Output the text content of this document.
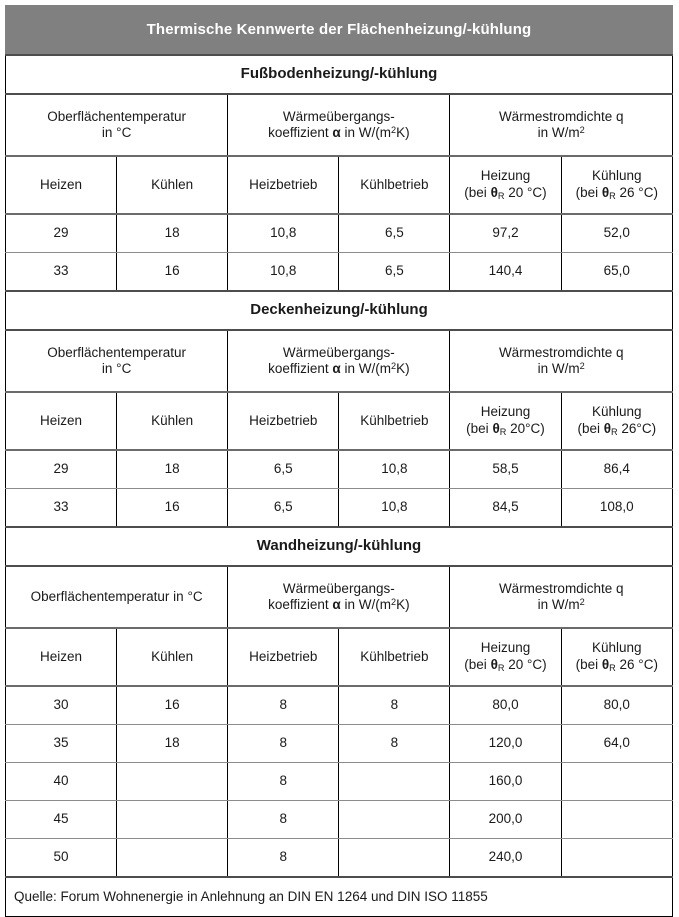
Thermische Kennwerte der Flächenheizung/-kühlung					
Fußbodenheizung/-kühlung					

Oberflächentemperatur
in °C		Wärmeübergangs-
koeffizient α in $W/(m^2K)$		Wärmestromdichte q
in $W/m^2$

Heizen	Kühlen	Heizbetrieb	Kühlbetrieb	Heizung
(bei $\theta_R$ 20 °C)	Kühlung
(bei $\theta_R$ 26 °C)

29	18	10,8	6,5	97,2	52,0
33	16	10,8	6,5	140,4	65,0
Deckenheizung/-kühlung					

Oberflächentemperatur
in °C		Wärmeübergangs-
koeffizient α in $W/(m^2K)$		Wärmestromdichte q
in $W/m^2$

Heizen	Kühlen	Heizbetrieb	Kühlbetrieb	Heizung
(bei $\theta_R$ 20°C)	Kühlung
(bei $\theta_R$ 26°C)

29	18	6,5	10,8	58,5	86,4
33	16	6,5	10,8	84,5	108,0
Wandheizung/-kühlung					
Oberflächentemperatur in °C		Wärmeübergangs-
koeffizient α in $W/(m^2K)$		Wärmestromdichte q
in $W/m^2$

Heizen	Kühlen	Heizbetrieb	Kühlbetrieb	Heizung
(bei $\theta_R$ 20 °C)	Kühlung
(bei $\theta_R$ 26 °C)

30	16	8	8	80,0	80,0
35	18	8	8	120,0	64,0
40		8		160,0	
45		8		200,0	
50		8		240,0	
Quelle: Forum Wohnenergie in Anlehnung an DIN EN 1264 und DIN ISO 11855					
